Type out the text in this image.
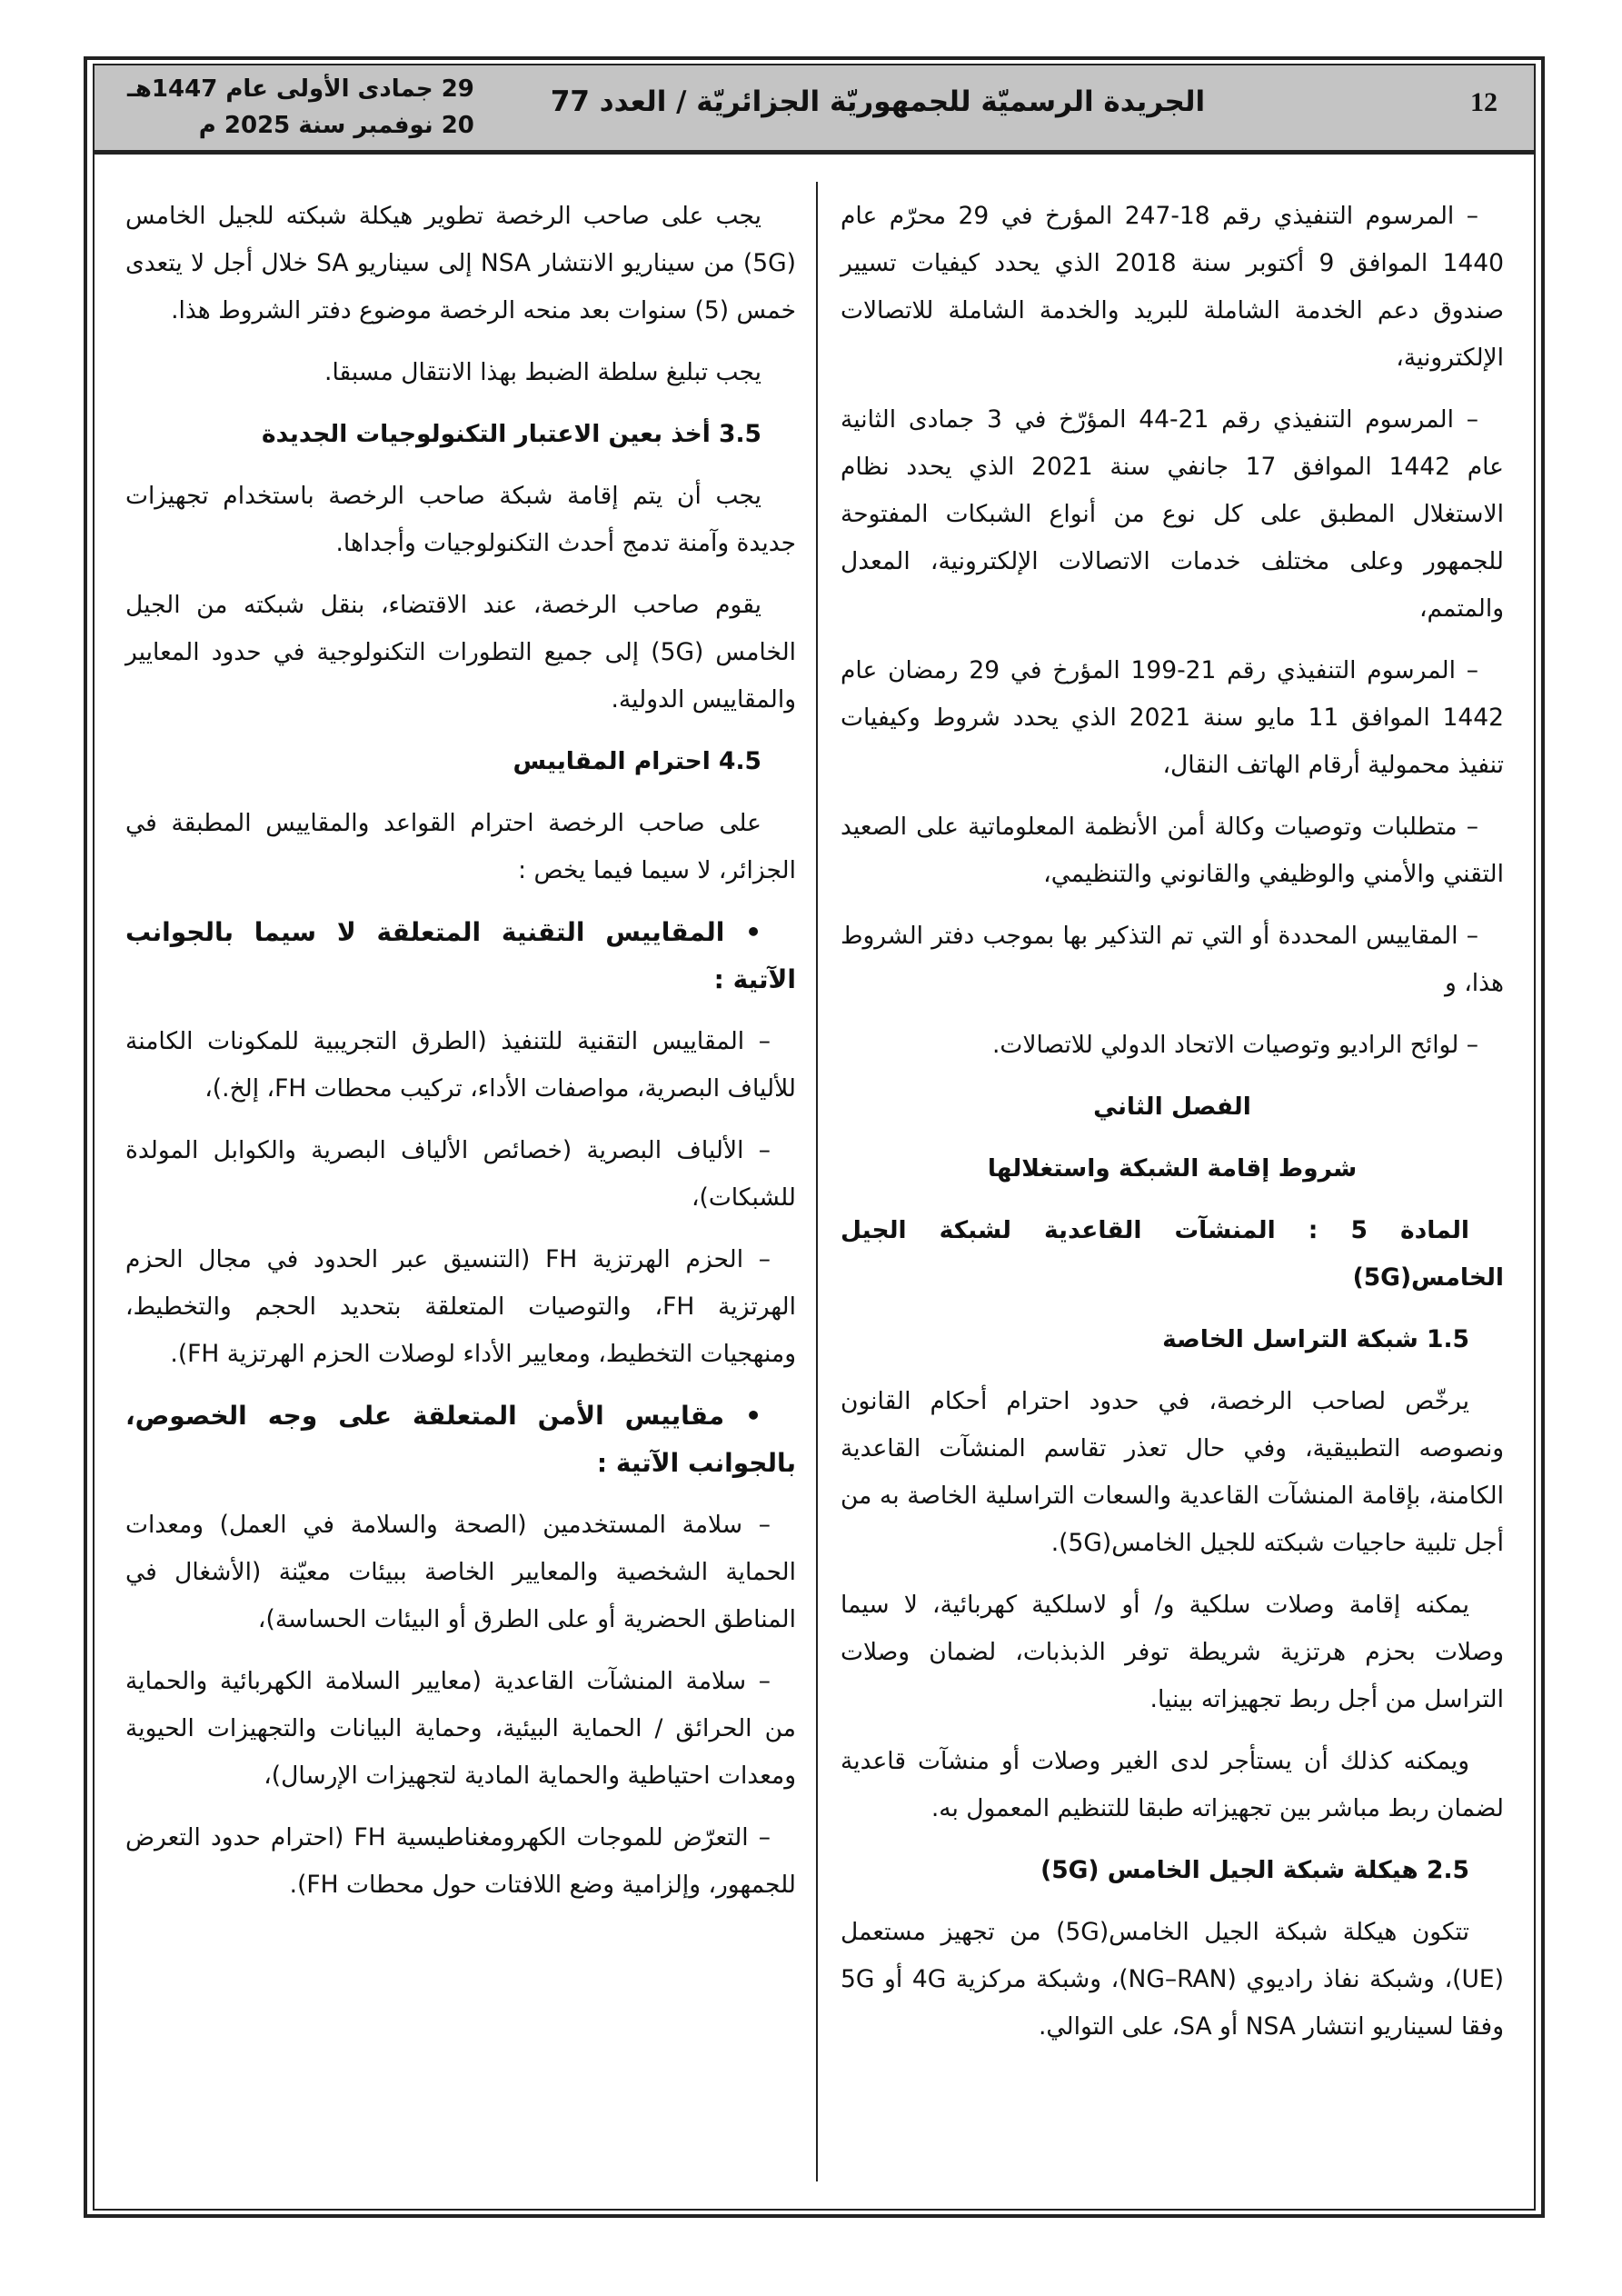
12
الجريدة الرسميّة للجمهوريّة الجزائريّة / العدد 77
29 جمادى الأولى عام 1447هـ
20 نوفمبر سنة 2025 م
– المرسوم التنفيذي رقم 18-247 المؤرخ في 29 محرّم عام 1440 الموافق 9 أكتوبر سنة 2018 الذي يحدد كيفيات تسيير صندوق دعم الخدمة الشاملة للبريد والخدمة الشاملة للاتصالات الإلكترونية،
– المرسوم التنفيذي رقم 21-44 المؤرّخ في 3 جمادى الثانية عام 1442 الموافق 17 جانفي سنة 2021 الذي يحدد نظام الاستغلال المطبق على كل نوع من أنواع الشبكات المفتوحة للجمهور وعلى مختلف خدمات الاتصالات الإلكترونية، المعدل والمتمم،
– المرسوم التنفيذي رقم 21-199 المؤرخ في 29 رمضان عام 1442 الموافق 11 مايو سنة 2021 الذي يحدد شروط وكيفيات تنفيذ محمولية أرقام الهاتف النقال،
– متطلبات وتوصيات وكالة أمن الأنظمة المعلوماتية على الصعيد التقني والأمني والوظيفي والقانوني والتنظيمي،
– المقاييس المحددة أو التي تم التذكير بها بموجب دفتر الشروط هذا، و
– لوائح الراديو وتوصيات الاتحاد الدولي للاتصالات.
الفصل الثاني
شروط إقامة الشبكة واستغلالها
المادة 5 : المنشآت القاعدية لشبكة الجيل الخامس(5G)
1.5 شبكة التراسل الخاصة
يرخّص لصاحب الرخصة، في حدود احترام أحكام القانون ونصوصه التطبيقية، وفي حال تعذر تقاسم المنشآت القاعدية الكامنة، بإقامة المنشآت القاعدية والسعات التراسلية الخاصة به من أجل تلبية حاجيات شبكته للجيل الخامس(5G).
يمكنه إقامة وصلات سلكية و/ أو لاسلكية كهربائية، لا سيما وصلات بحزم هرتزية شريطة توفر الذبذبات، لضمان وصلات التراسل من أجل ربط تجهيزاته بينيا.
ويمكنه كذلك أن يستأجر لدى الغير وصلات أو منشآت قاعدية لضمان ربط مباشر بين تجهيزاته طبقا للتنظيم المعمول به.
2.5 هيكلة شبكة الجيل الخامس (5G)
تتكون هيكلة شبكة الجيل الخامس(5G) من تجهيز مستعمل (UE)، وشبكة نفاذ راديوي (NG–RAN)، وشبكة مركزية 4G أو 5G وفقا لسيناريو انتشار NSA أو SA، على التوالي.
يجب على صاحب الرخصة تطوير هيكلة شبكته للجيل الخامس (5G) من سيناريو الانتشار NSA إلى سيناريو SA خلال أجل لا يتعدى خمس (5) سنوات بعد منحه الرخصة موضوع دفتر الشروط هذا.
يجب تبليغ سلطة الضبط بهذا الانتقال مسبقا.
3.5 أخذ بعين الاعتبار التكنولوجيات الجديدة
يجب أن يتم إقامة شبكة صاحب الرخصة باستخدام تجهيزات جديدة وآمنة تدمج أحدث التكنولوجيات وأجداها.
يقوم صاحب الرخصة، عند الاقتضاء، بنقل شبكته من الجيل الخامس (5G) إلى جميع التطورات التكنولوجية في حدود المعايير والمقاييس الدولية.
4.5 احترام المقاييس
على صاحب الرخصة احترام القواعد والمقاييس المطبقة في الجزائر، لا سيما فيما يخص :
• المقاييس التقنية المتعلقة لا سيما بالجوانب الآتية :
– المقاييس التقنية للتنفيذ (الطرق التجريبية للمكونات الكامنة للألياف البصرية، مواصفات الأداء، تركيب محطات FH، إلخ.)،
– الألياف البصرية (خصائص الألياف البصرية والكوابل المولدة للشبكات)،
– الحزم الهرتزية FH (التنسيق عبر الحدود في مجال الحزم الهرتزية FH، والتوصيات المتعلقة بتحديد الحجم والتخطيط، ومنهجيات التخطيط، ومعايير الأداء لوصلات الحزم الهرتزية FH).
• مقاييس الأمن المتعلقة على وجه الخصوص، بالجوانب الآتية :
– سلامة المستخدمين (الصحة والسلامة في العمل) ومعدات الحماية الشخصية والمعايير الخاصة ببيئات معيّنة (الأشغال في المناطق الحضرية أو على الطرق أو البيئات الحساسة)،
– سلامة المنشآت القاعدية (معايير السلامة الكهربائية والحماية من الحرائق / الحماية البيئية، وحماية البيانات والتجهيزات الحيوية ومعدات احتياطية والحماية المادية لتجهيزات الإرسال)،
– التعرّض للموجات الكهرومغناطيسية FH (احترام حدود التعرض للجمهور، وإلزامية وضع اللافتات حول محطات FH).
